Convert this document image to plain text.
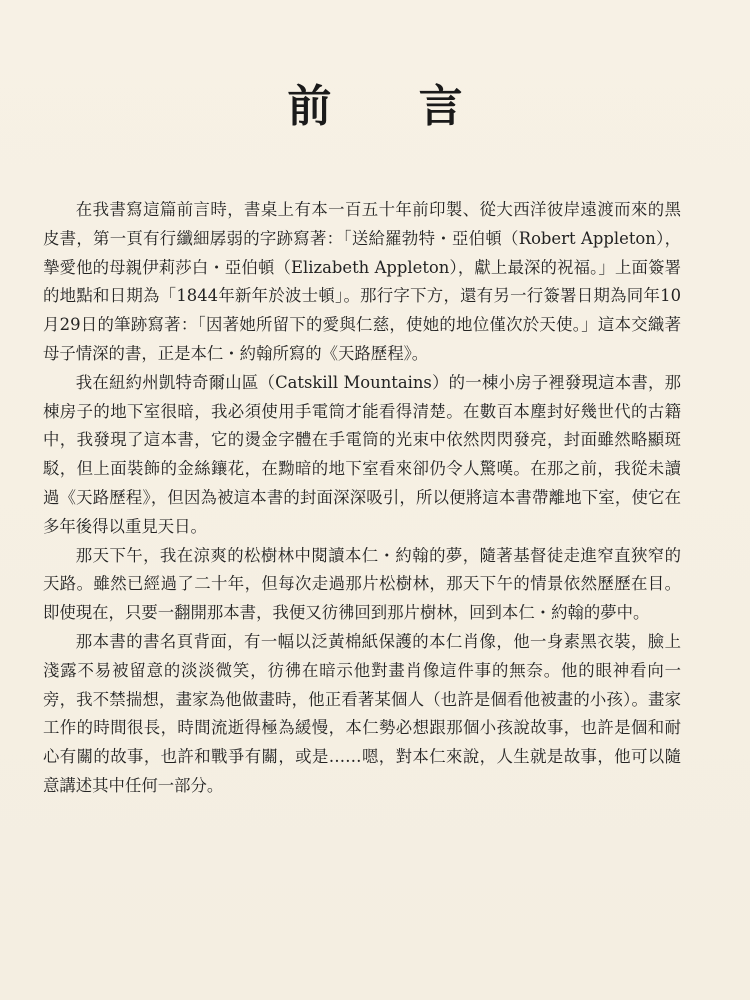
前 言

在我書寫這篇前言時，書桌上有本一百五十年前印製、從大西洋彼岸遠渡而來的黑皮書，第一頁有行纖細孱弱的字跡寫著：「送給羅勃特・亞伯頓（Robert Appleton），摯愛他的母親伊莉莎白・亞伯頓（Elizabeth Appleton），獻上最深的祝福。」上面簽署的地點和日期為「1844年新年於波士頓」。那行字下方，還有另一行簽署日期為同年10月29日的筆跡寫著：「因著她所留下的愛與仁慈，使她的地位僅次於天使。」這本交織著母子情深的書，正是本仁・約翰所寫的《天路歷程》。

我在紐約州凱特奇爾山區（Catskill Mountains）的一棟小房子裡發現這本書，那棟房子的地下室很暗，我必須使用手電筒才能看得清楚。在數百本塵封好幾世代的古籍中，我發現了這本書，它的燙金字體在手電筒的光束中依然閃閃發亮，封面雖然略顯斑駁，但上面裝飾的金絲鑲花，在黝暗的地下室看來卻仍令人驚嘆。在那之前，我從未讀過《天路歷程》，但因為被這本書的封面深深吸引，所以便將這本書帶離地下室，使它在多年後得以重見天日。

那天下午，我在涼爽的松樹林中閱讀本仁・約翰的夢，隨著基督徒走進窄直狹窄的天路。雖然已經過了二十年，但每次走過那片松樹林，那天下午的情景依然歷歷在目。即使現在，只要一翻開那本書，我便又彷彿回到那片樹林，回到本仁・約翰的夢中。

那本書的書名頁背面，有一幅以泛黃棉紙保護的本仁肖像，他一身素黑衣裝，臉上淺露不易被留意的淡淡微笑，彷彿在暗示他對畫肖像這件事的無奈。他的眼神看向一旁，我不禁揣想，畫家為他做畫時，他正看著某個人（也許是個看他被畫的小孩）。畫家工作的時間很長，時間流逝得極為緩慢，本仁勢必想跟那個小孩說故事，也許是個和耐心有關的故事，也許和戰爭有關，或是……嗯，對本仁來說，人生就是故事，他可以隨意講述其中任何一部分。
